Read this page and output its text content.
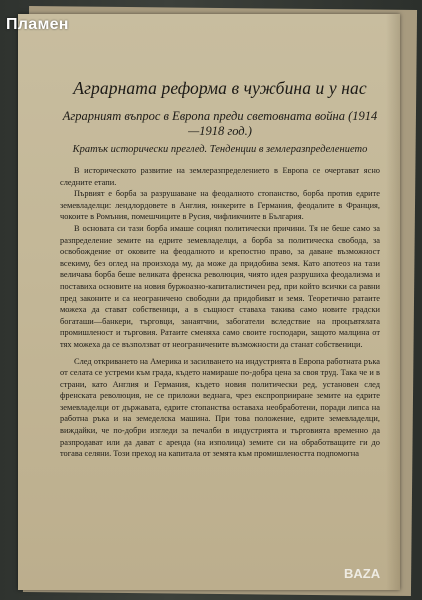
Аграрната реформа в чужбина и у нас
Аграрният въпрос в Европа преди световната война (1914—1918 год.)
Кратък исторически преглед. Тенденции в землеразпределението

В историческото развитие на землеразпределението в Европа се очертават ясно следните етапи.

Първият е борба за разрушаване на феодалното стопанство, борба против едрите земевладелци: лендлордовете в Англия, юнкерите в Германия, феодалите в Франция, чокоите в Ромъния, помешчиците в Русия, чифликчиите в България.

В основата си тази борба имаше социял политически причини. Тя не беше само за разпределение земите на едрите земевладелци, а борба за политическа свобода, за освобождение от оковите на феодалното и крепостно право, за даване възможност всекиму, без оглед на произхода му, да може да придобива земя. Като апотеоз на тази величава борба беше великата френска революция, чиято идея разрушиха феодализма и поставиха основите на новия буржоазно-капиталистичен ред, при който всички са равни пред законите и са неограничено свободни да придобиват и земя. Теоретично ратаите можеха да стават собственици, а в същност ставаха такива само новите градски богаташи—банкери, търговци, занаятчии, забогатели вследствие на процъвтялата промишленост и търговия. Ратаите сменяха само своите господари, защото малцина от тях можеха да се възползват от неограничените възможности да станат собственици.

След откриването на Америка и засилването на индустрията в Европа работната ръка от селата се устреми към града, където намираше по-добра цена за своя труд. Така че и в страни, като Англия и Германия, където новия политически ред, установен след френската революция, не се приложи веднага, чрез експроприиране земите на едрите земевладелци от държавата, едрите стопанства оставаха необработени, поради липса на работна ръка и на земеделска машина. При това положение, едрите земевладелци, виждайки, че по-добри изгледи за печалби в индустрията и търговията временно да разпродават или да дават с аренда (на изполица) земите си на обработващите ги до тогава селяни. Този преход на капитала от земята към промишлеността подпомогна

Пламен
BAZA
